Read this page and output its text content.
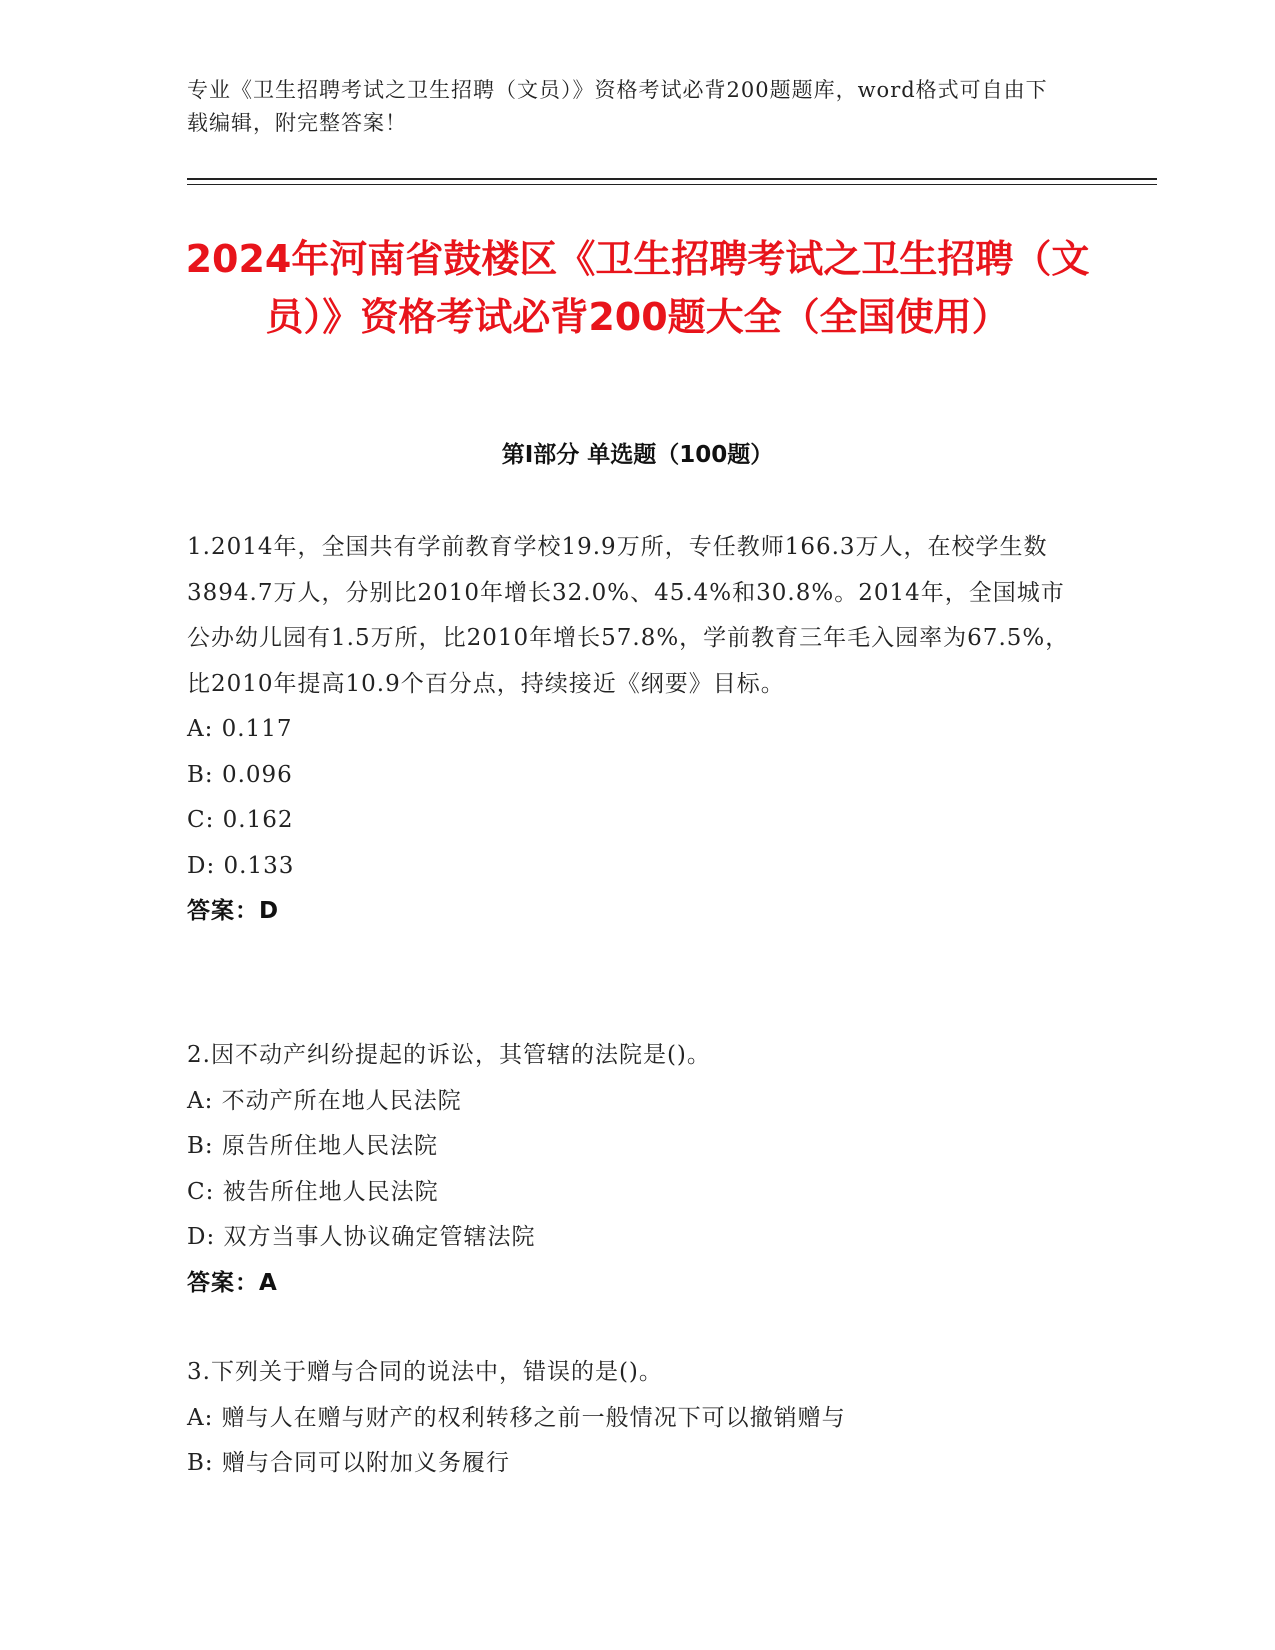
专业《卫生招聘考试之卫生招聘（文员）》资格考试必背200题题库，word格式可自由下载编辑，附完整答案！
2024年河南省鼓楼区《卫生招聘考试之卫生招聘（文员）》资格考试必背200题大全（全国使用）
第I部分 单选题（100题）

1.2014年，全国共有学前教育学校19.9万所，专任教师166.3万人，在校学生数3894.7万人，分别比2010年增长32.0%、45.4%和30.8%。2014年，全国城市公办幼儿园有1.5万所，比2010年增长57.8%，学前教育三年毛入园率为67.5%，比2010年提高10.9个百分点，持续接近《纲要》目标。

A: 0.117

B: 0.096

C: 0.162

D: 0.133

答案：D

2.因不动产纠纷提起的诉讼，其管辖的法院是()。

A: 不动产所在地人民法院

B: 原告所住地人民法院

C: 被告所住地人民法院

D: 双方当事人协议确定管辖法院

答案：A

3.下列关于赠与合同的说法中，错误的是()。

A: 赠与人在赠与财产的权利转移之前一般情况下可以撤销赠与

B: 赠与合同可以附加义务履行
